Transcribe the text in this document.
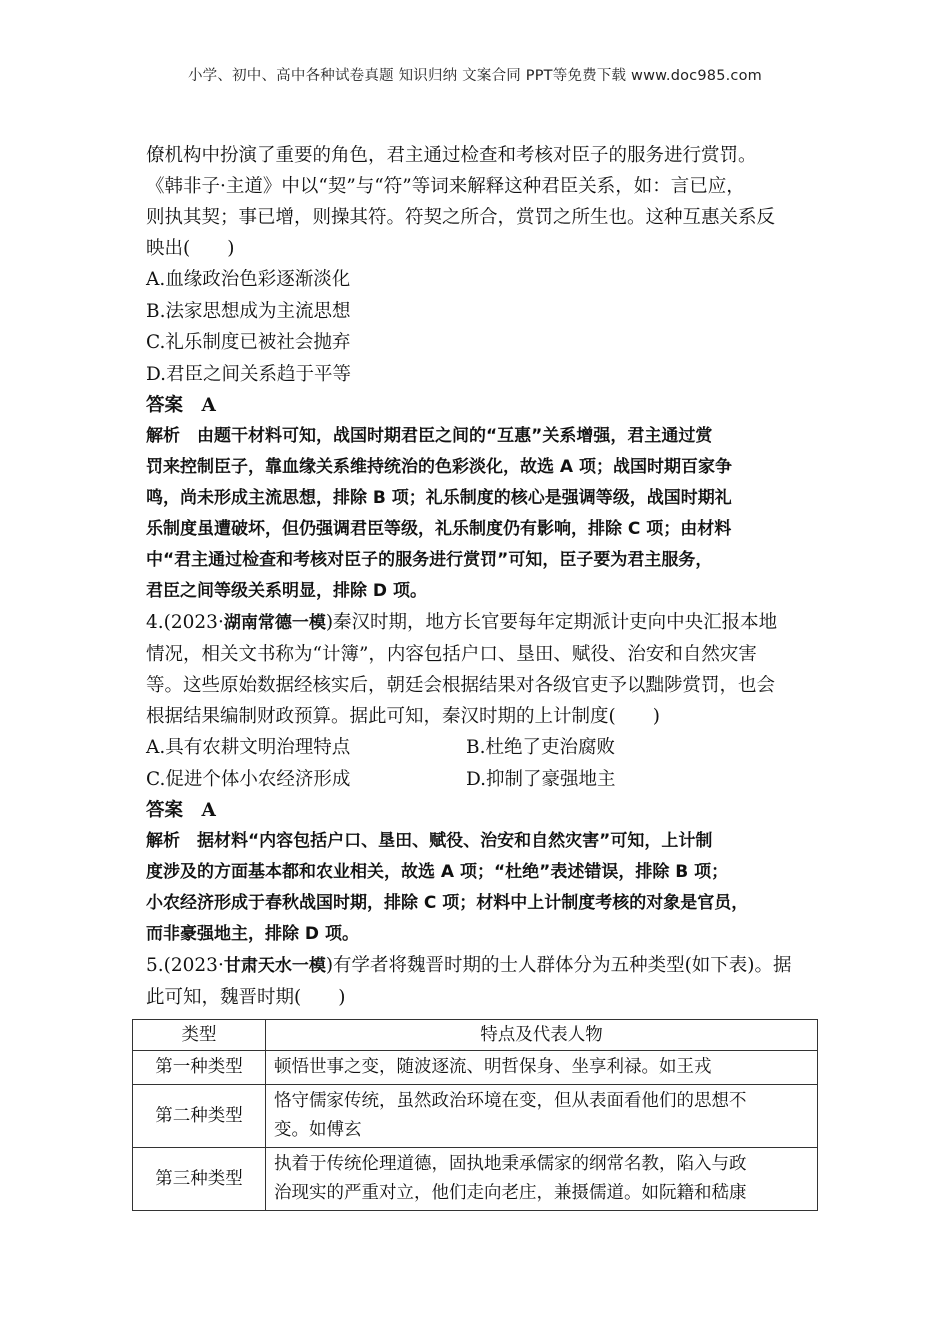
小学、初中、高中各种试卷真题 知识归纳 文案合同 PPT等免费下载 www.doc985.com
僚机构中扮演了重要的角色，君主通过检查和考核对臣子的服务进行赏罚。
《韩非子·主道》中以“契”与“符”等词来解释这种君臣关系，如：言已应，
则执其契；事已增，则操其符。符契之所合，赏罚之所生也。这种互惠关系反
映出(　　)
A.血缘政治色彩逐渐淡化
B.法家思想成为主流思想
C.礼乐制度已被社会抛弃
D.君臣之间关系趋于平等
答案　A
解析　由题干材料可知，战国时期君臣之间的“互惠”关系增强，君主通过赏
罚来控制臣子，靠血缘关系维持统治的色彩淡化，故选 A 项；战国时期百家争
鸣，尚未形成主流思想，排除 B 项；礼乐制度的核心是强调等级，战国时期礼
乐制度虽遭破坏，但仍强调君臣等级，礼乐制度仍有影响，排除 C 项；由材料
中“君主通过检查和考核对臣子的服务进行赏罚”可知，臣子要为君主服务，
君臣之间等级关系明显，排除 D 项。
4.(2023·湖南常德一模)秦汉时期，地方长官要每年定期派计吏向中央汇报本地
情况，相关文书称为“计簿”，内容包括户口、垦田、赋役、治安和自然灾害
等。这些原始数据经核实后，朝廷会根据结果对各级官吏予以黜陟赏罚，也会
根据结果编制财政预算。据此可知，秦汉时期的上计制度(　　)
A.具有农耕文明治理特点	B.杜绝了吏治腐败
C.促进个体小农经济形成	D.抑制了豪强地主
答案　A
解析　据材料“内容包括户口、垦田、赋役、治安和自然灾害”可知，上计制
度涉及的方面基本都和农业相关，故选 A 项；“杜绝”表述错误，排除 B 项；
小农经济形成于春秋战国时期，排除 C 项；材料中上计制度考核的对象是官员，
而非豪强地主，排除 D 项。
5.(2023·甘肃天水一模)有学者将魏晋时期的士人群体分为五种类型(如下表)。据
此可知，魏晋时期(　　)
类型	特点及代表人物
第一种类型	顿悟世事之变，随波逐流、明哲保身、坐享利禄。如王戎

第二种类型	恪守儒家传统，虽然政治环境在变，但从表面看他们的思想不
变。如傅玄

第三种类型	执着于传统伦理道德，固执地秉承儒家的纲常名教，陷入与政
治现实的严重对立，他们走向老庄，兼摄儒道。如阮籍和嵇康
